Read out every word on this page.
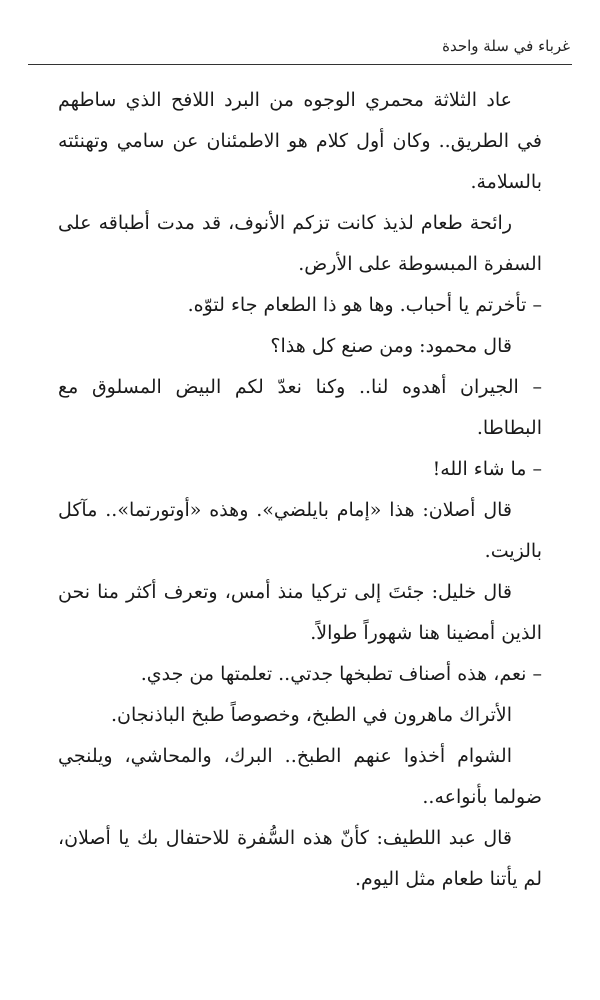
غرباء في سلة واحدة

عاد الثلاثة محمري الوجوه من البرد اللافح الذي ساطهم في الطريق.. وكان أول كلام هو الاطمئنان عن سامي وتهنئته بالسلامة.

رائحة طعام لذيذ كانت تزكم الأنوف، قد مدت أطباقه على السفرة المبسوطة على الأرض.

– تأخرتم يا أحباب. وها هو ذا الطعام جاء لتوّه.

قال محمود: ومن صنع كل هذا؟

– الجيران أهدوه لنا.. وكنا نعدّ لكم البيض المسلوق مع البطاطا.

– ما شاء الله!

قال أصلان: هذا «إمام بايلضي». وهذه «أوتورتما».. مآكل بالزيت.

قال خليل: جئتَ إلى تركيا منذ أمس، وتعرف أكثر منا نحن الذين أمضينا هنا شهوراً طوالاً.

– نعم، هذه أصناف تطبخها جدتي.. تعلمتها من جدي.

الأتراك ماهرون في الطبخ، وخصوصاً طبخ الباذنجان.

الشوام أخذوا عنهم الطبخ.. البرك، والمحاشي، ويلنجي ضولما بأنواعه..

قال عبد اللطيف: كأنّ هذه السُّفرة للاحتفال بك يا أصلان، لم يأتنا طعام مثل اليوم.
